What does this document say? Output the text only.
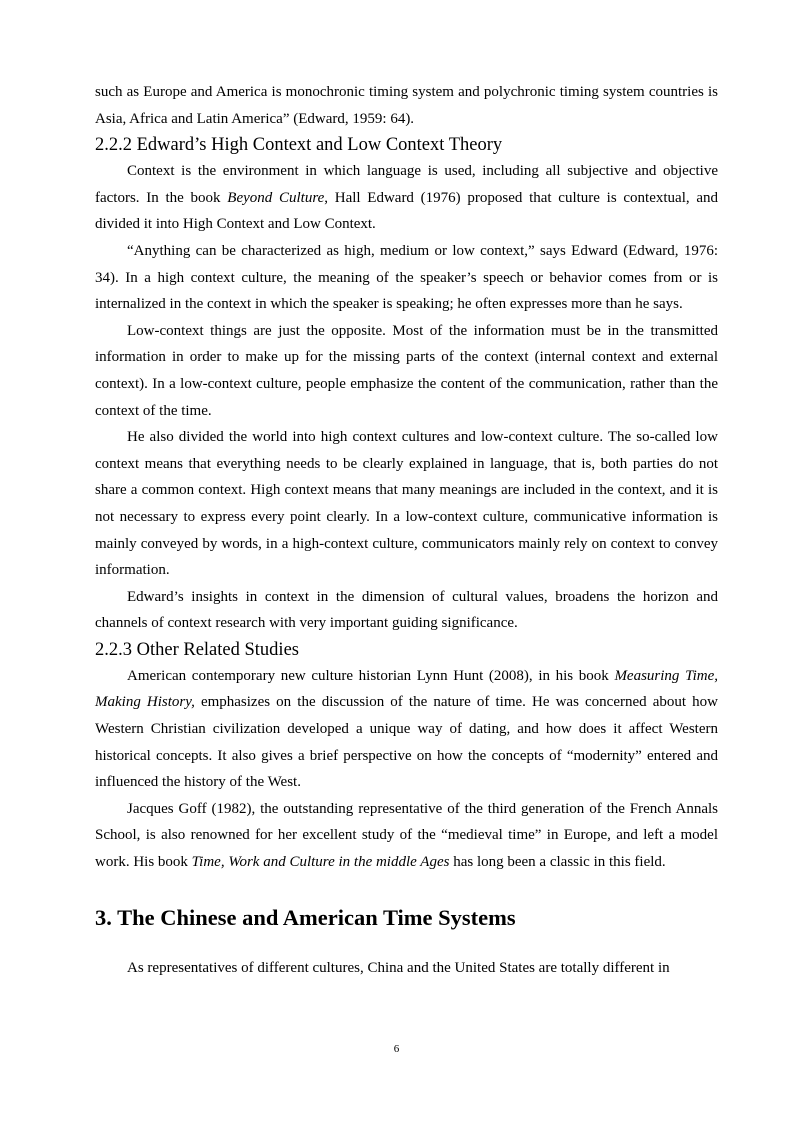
such as Europe and America is monochronic timing system and polychronic timing system countries is Asia, Africa and Latin America” (Edward, 1959: 64).

2.2.2 Edward’s High Context and Low Context Theory

Context is the environment in which language is used, including all subjective and objective factors. In the book Beyond Culture, Hall Edward (1976) proposed that culture is contextual, and divided it into High Context and Low Context.

“Anything can be characterized as high, medium or low context,” says Edward (Edward, 1976: 34). In a high context culture, the meaning of the speaker’s speech or behavior comes from or is internalized in the context in which the speaker is speaking; he often expresses more than he says.

Low-context things are just the opposite. Most of the information must be in the transmitted information in order to make up for the missing parts of the context (internal context and external context). In a low-context culture, people emphasize the content of the communication, rather than the context of the time.

He also divided the world into high context cultures and low-context culture. The so-called low context means that everything needs to be clearly explained in language, that is, both parties do not share a common context. High context means that many meanings are included in the context, and it is not necessary to express every point clearly. In a low-context culture, communicative information is mainly conveyed by words, in a high-context culture, communicators mainly rely on context to convey information.

Edward’s insights in context in the dimension of cultural values, broadens the horizon and channels of context research with very important guiding significance.

2.2.3 Other Related Studies

American contemporary new culture historian Lynn Hunt (2008), in his book Measuring Time, Making History, emphasizes on the discussion of the nature of time. He was concerned about how Western Christian civilization developed a unique way of dating, and how does it affect Western historical concepts. It also gives a brief perspective on how the concepts of “modernity” entered and influenced the history of the West.

Jacques Goff (1982), the outstanding representative of the third generation of the French Annals School, is also renowned for her excellent study of the “medieval time” in Europe, and left a model work. His book Time, Work and Culture in the middle Ages has long been a classic in this field.

3. The Chinese and American Time Systems

As representatives of different cultures, China and the United States are totally different in

6
